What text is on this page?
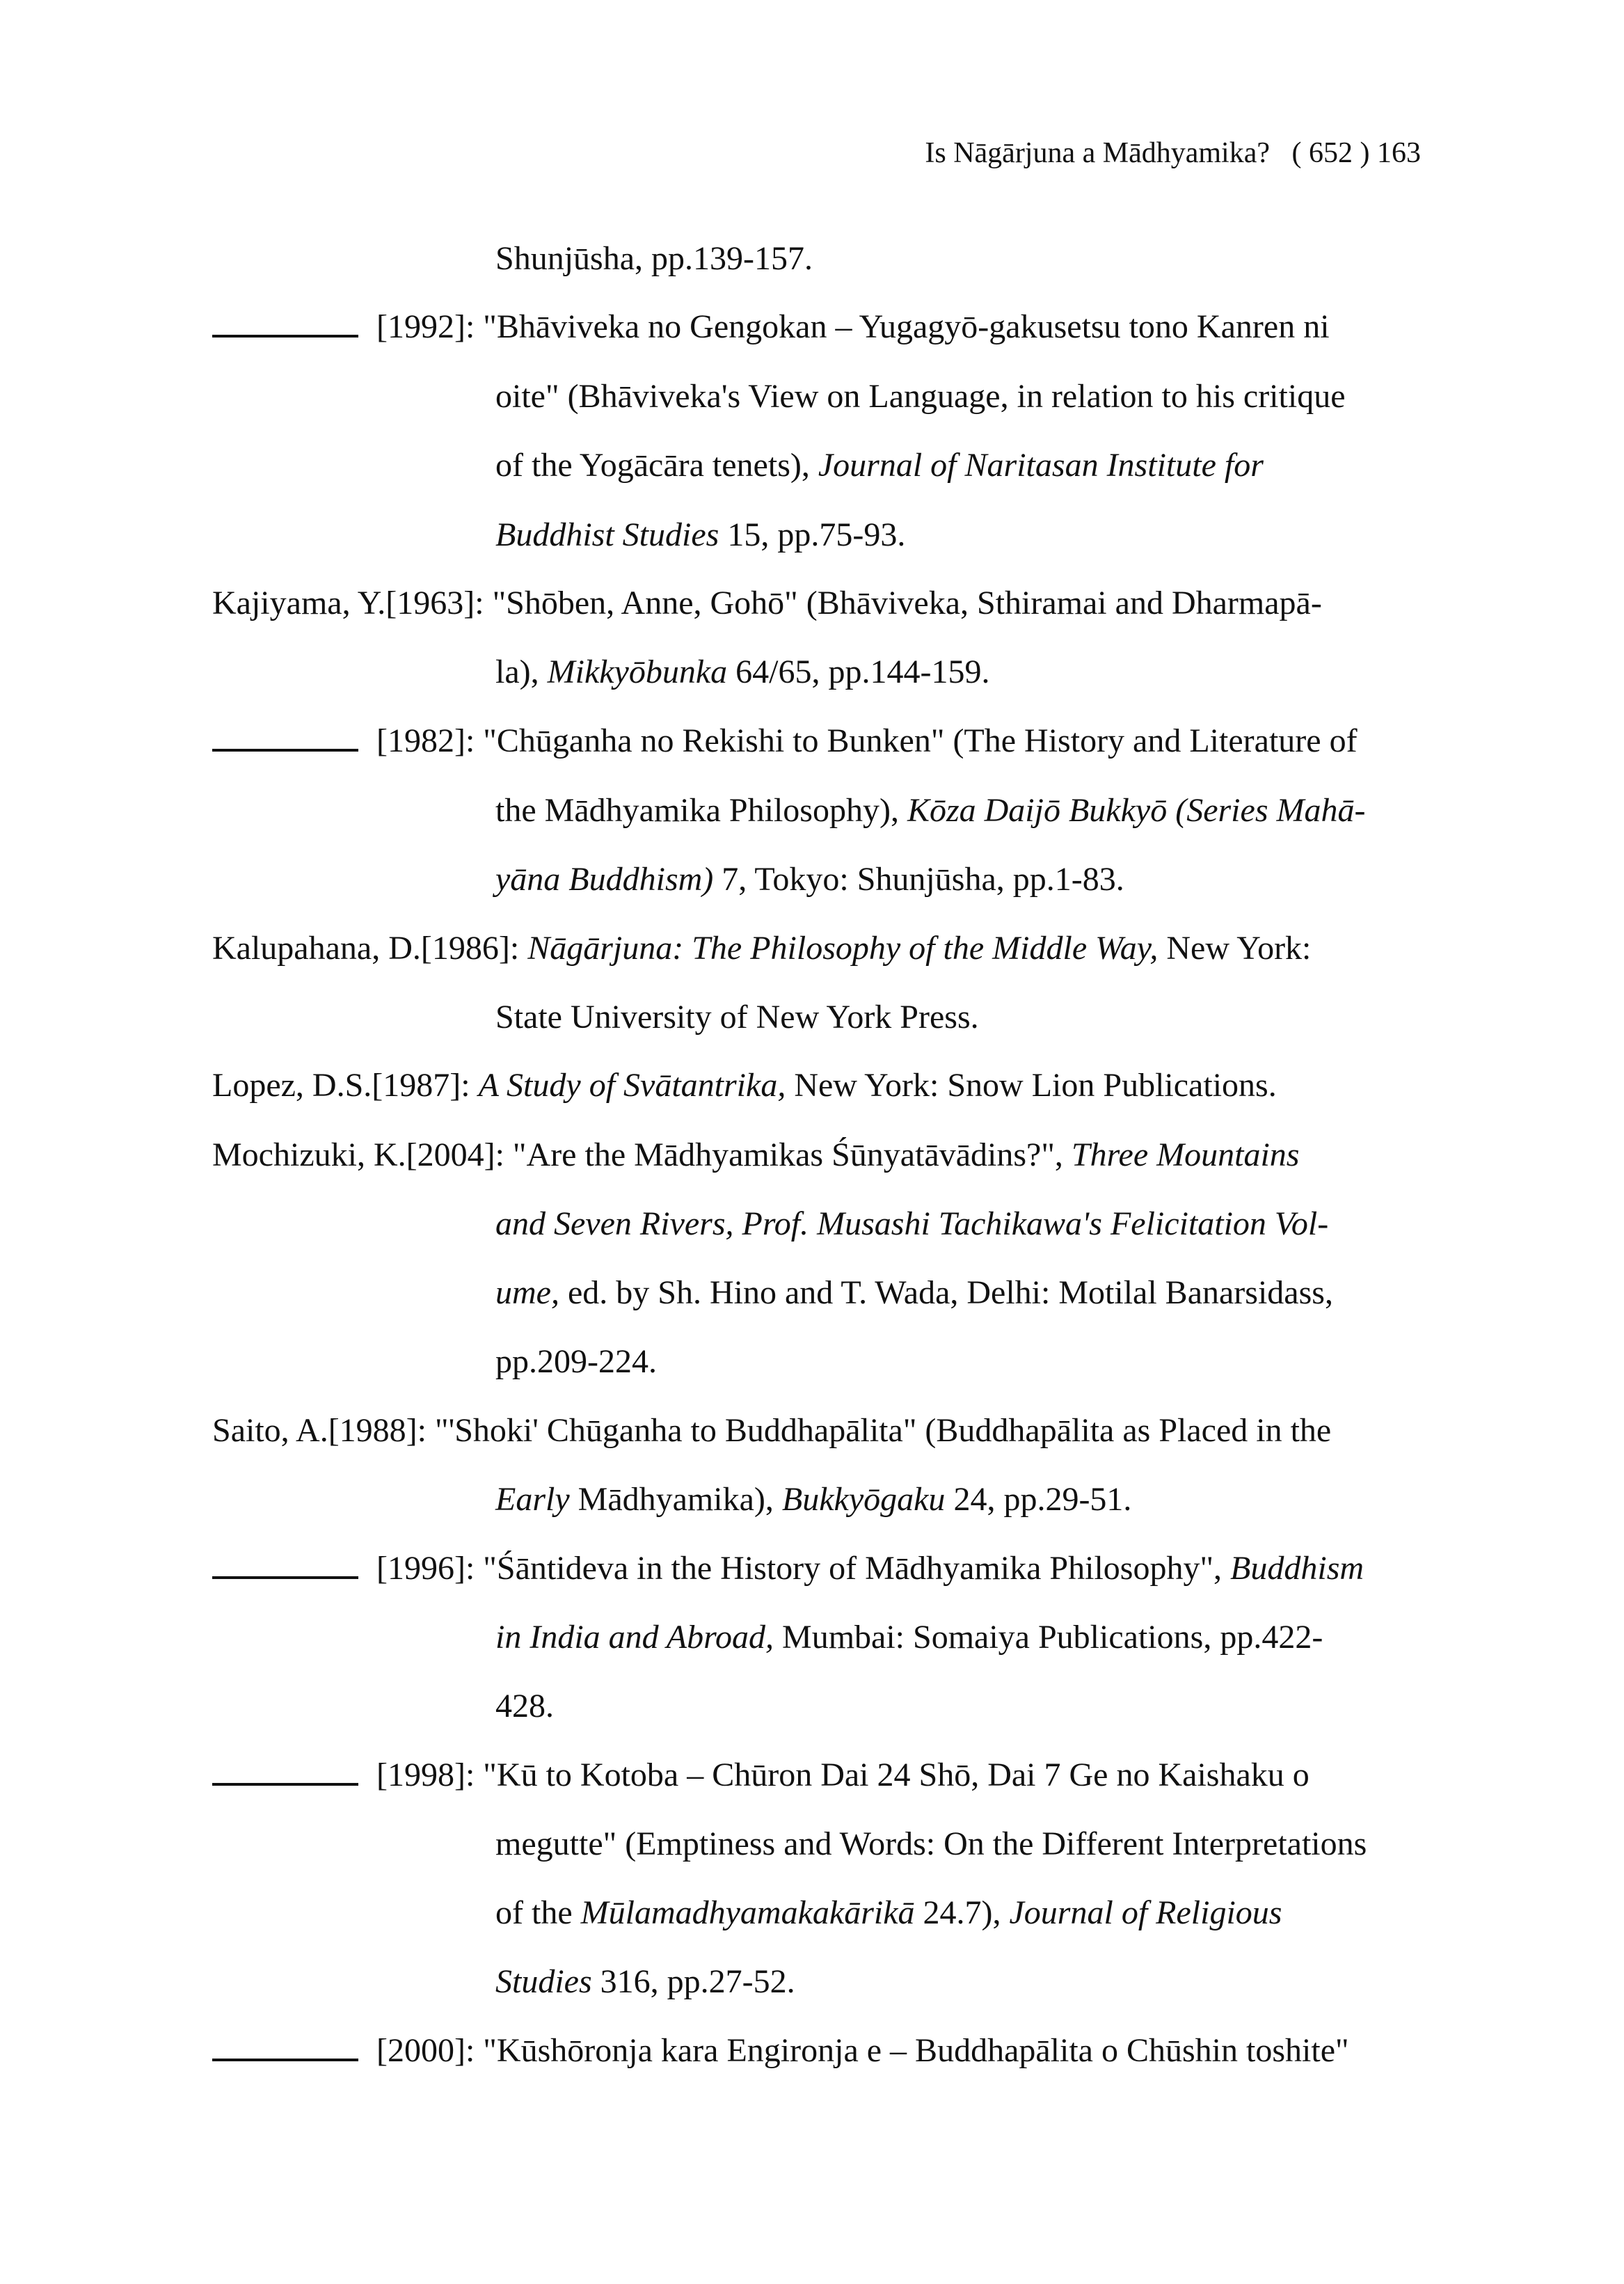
Is Nāgārjuna a Mādhyamika? ( 652 ) 163
Shunjūsha, pp.139-157.
[1992]: "Bhāviveka no Gengokan – Yugagyō-gakusetsu tono Kanren ni
oite" (Bhāviveka's View on Language, in relation to his critique
of the Yogācāra tenets), Journal of Naritasan Institute for
Buddhist Studies 15, pp.75-93.
Kajiyama, Y.[1963]: "Shōben, Anne, Gohō" (Bhāviveka, Sthiramai and Dharmapā-
la), Mikkyōbunka 64/65, pp.144-159.
[1982]: "Chūganha no Rekishi to Bunken" (The History and Literature of
the Mādhyamika Philosophy), Kōza Daijō Bukkyō (Series Mahā-
yāna Buddhism) 7, Tokyo: Shunjūsha, pp.1-83.
Kalupahana, D.[1986]: Nāgārjuna: The Philosophy of the Middle Way, New York:
State University of New York Press.
Lopez, D.S.[1987]: A Study of Svātantrika, New York: Snow Lion Publications.
Mochizuki, K.[2004]: "Are the Mādhyamikas Śūnyatāvādins?", Three Mountains
and Seven Rivers, Prof. Musashi Tachikawa's Felicitation Vol-
ume, ed. by Sh. Hino and T. Wada, Delhi: Motilal Banarsidass,
pp.209-224.
Saito, A.[1988]: "'Shoki' Chūganha to Buddhapālita" (Buddhapālita as Placed in the
Early Mādhyamika), Bukkyōgaku 24, pp.29-51.
[1996]: "Śāntideva in the History of Mādhyamika Philosophy", Buddhism
in India and Abroad, Mumbai: Somaiya Publications, pp.422-
428.
[1998]: "Kū to Kotoba – Chūron Dai 24 Shō, Dai 7 Ge no Kaishaku o
megutte" (Emptiness and Words: On the Different Interpretations
of the Mūlamadhyamakakārikā 24.7), Journal of Religious
Studies 316, pp.27-52.
[2000]: "Kūshōronja kara Engironja e – Buddhapālita o Chūshin toshite"
